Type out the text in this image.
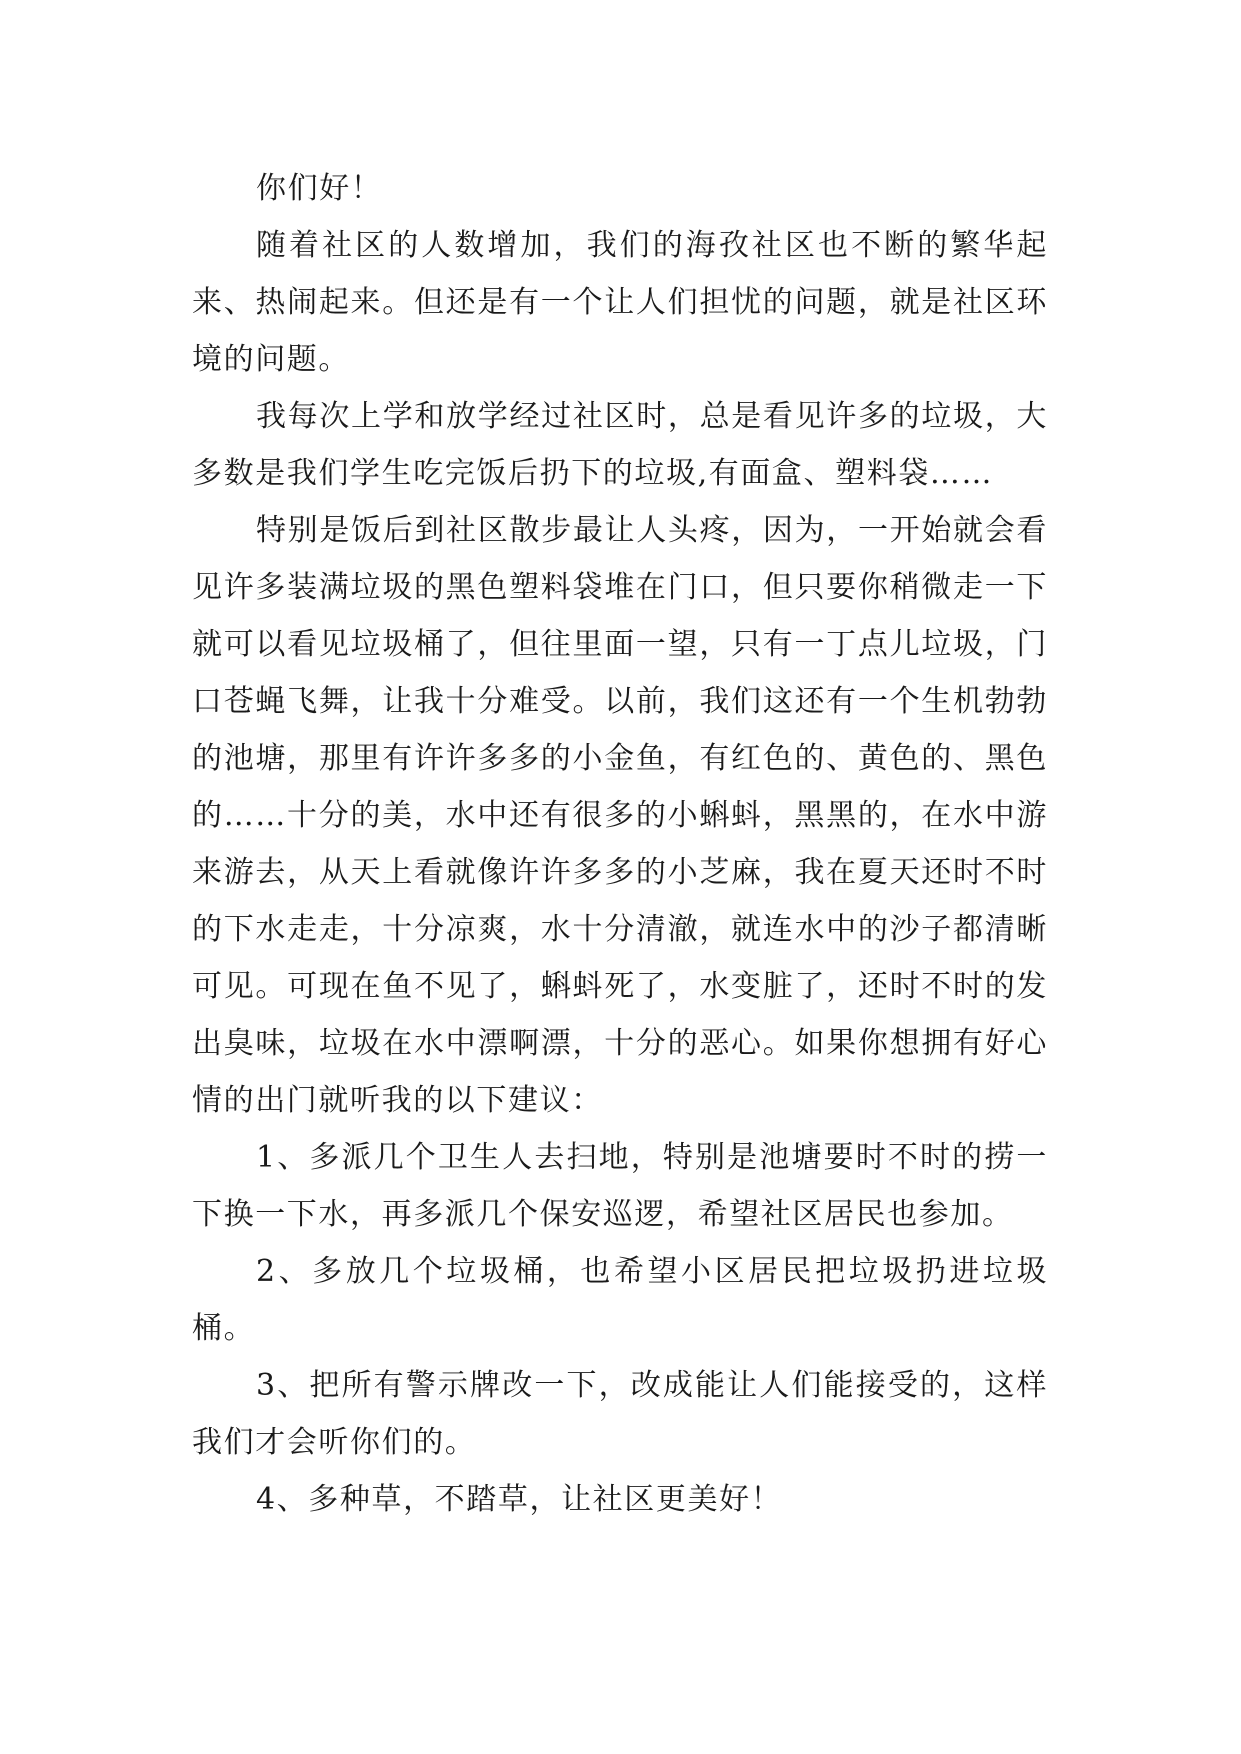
你们好！

随着社区的人数增加，我们的海孜社区也不断的繁华起来、热闹起来。但还是有一个让人们担忧的问题，就是社区环境的问题。

我每次上学和放学经过社区时，总是看见许多的垃圾，大多数是我们学生吃完饭后扔下的垃圾,有面盒、塑料袋……

特别是饭后到社区散步最让人头疼，因为，一开始就会看见许多装满垃圾的黑色塑料袋堆在门口，但只要你稍微走一下就可以看见垃圾桶了，但往里面一望，只有一丁点儿垃圾，门口苍蝇飞舞，让我十分难受。以前，我们这还有一个生机勃勃的池塘，那里有许许多多的小金鱼，有红色的、黄色的、黑色的……十分的美，水中还有很多的小蝌蚪，黑黑的，在水中游来游去，从天上看就像许许多多的小芝麻，我在夏天还时不时的下水走走，十分凉爽，水十分清澈，就连水中的沙子都清晰可见。可现在鱼不见了，蝌蚪死了，水变脏了，还时不时的发出臭味，垃圾在水中漂啊漂，十分的恶心。如果你想拥有好心情的出门就听我的以下建议：

1、多派几个卫生人去扫地，特别是池塘要时不时的捞一下换一下水，再多派几个保安巡逻，希望社区居民也参加。

2、多放几个垃圾桶，也希望小区居民把垃圾扔进垃圾桶。

3、把所有警示牌改一下，改成能让人们能接受的，这样我们才会听你们的。

4、多种草，不踏草，让社区更美好！
